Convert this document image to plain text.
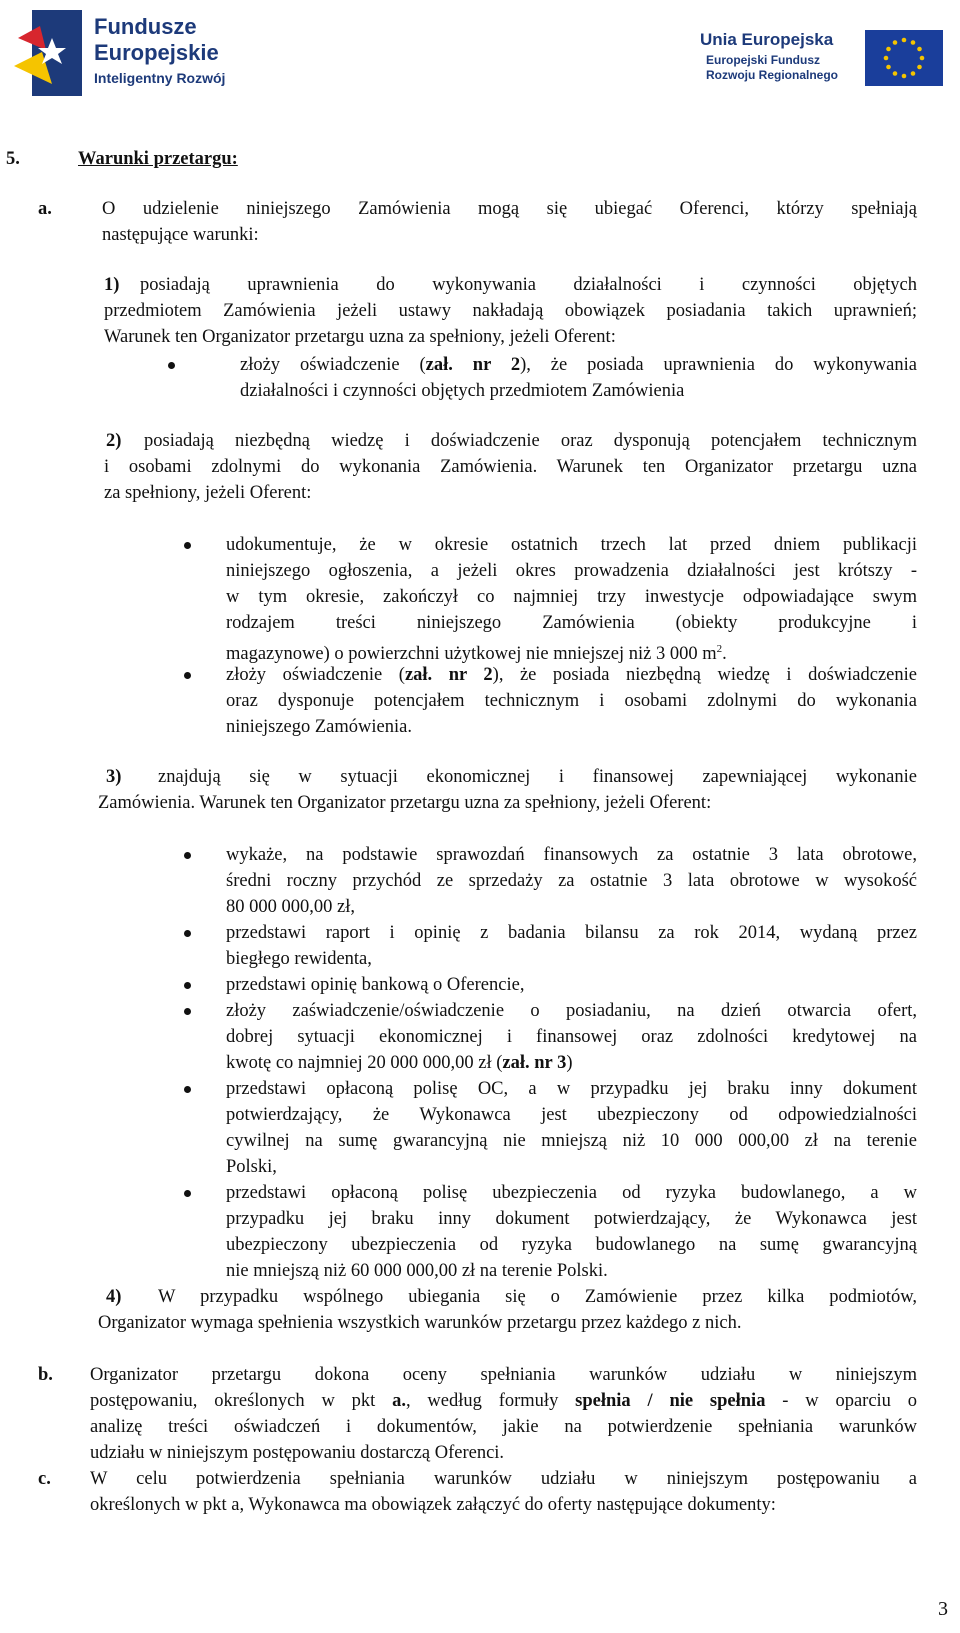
Fundusze
Europejskie
Inteligentny Rozwój
Unia Europejska
Europejski Fundusz
Rozwoju Regionalnego
5.	Warunki przetargu:
a.	O udzielenie niniejszego Zamówienia mogą się ubiegać Oferenci, którzy spełniają
następujące warunki:
1) posiadają uprawnienia do wykonywania działalności i czynności objętych
przedmiotem Zamówienia jeżeli ustawy nakładają obowiązek posiadania takich uprawnień;
Warunek ten Organizator przetargu uzna za spełniony, jeżeli Oferent:
złoży oświadczenie (zał. nr 2), że posiada uprawnienia do wykonywania
działalności i czynności objętych przedmiotem Zamówienia
2) posiadają niezbędną wiedzę i doświadczenie oraz dysponują potencjałem technicznym
i osobami zdolnymi do wykonania Zamówienia. Warunek ten Organizator przetargu uzna
za spełniony, jeżeli Oferent:
udokumentuje, że w okresie ostatnich trzech lat przed dniem publikacji
niniejszego ogłoszenia, a jeżeli okres prowadzenia działalności jest krótszy -
w tym okresie, zakończył co najmniej trzy inwestycje odpowiadające swym
rodzajem treści niniejszego Zamówienia (obiekty produkcyjne i
magazynowe) o powierzchni użytkowej nie mniejszej niż 3 000 $m^2$.
złoży oświadczenie (zał. nr 2), że posiada niezbędną wiedzę i doświadczenie
oraz dysponuje potencjałem technicznym i osobami zdolnymi do wykonania
niniejszego Zamówienia.
3) znajdują się w sytuacji ekonomicznej i finansowej zapewniającej wykonanie
Zamówienia. Warunek ten Organizator przetargu uzna za spełniony, jeżeli Oferent:
wykaże, na podstawie sprawozdań finansowych za ostatnie 3 lata obrotowe,
średni roczny przychód ze sprzedaży za ostatnie 3 lata obrotowe w wysokość
80 000 000,00 zł,
przedstawi raport i opinię z badania bilansu za rok 2014, wydaną przez
biegłego rewidenta,
przedstawi opinię bankową o Oferencie,
złoży zaświadczenie/oświadczenie o posiadaniu, na dzień otwarcia ofert,
dobrej sytuacji ekonomicznej i finansowej oraz zdolności kredytowej na
kwotę co najmniej 20 000 000,00 zł (zał. nr 3)
przedstawi opłaconą polisę OC, a w przypadku jej braku inny dokument
potwierdzający, że Wykonawca jest ubezpieczony od odpowiedzialności
cywilnej na sumę gwarancyjną nie mniejszą niż 10 000 000,00 zł na terenie
Polski,
przedstawi opłaconą polisę ubezpieczenia od ryzyka budowlanego, a w
przypadku jej braku inny dokument potwierdzający, że Wykonawca jest
ubezpieczony ubezpieczenia od ryzyka budowlanego na sumę gwarancyjną
nie mniejszą niż 60 000 000,00 zł na terenie Polski.
4) W przypadku wspólnego ubiegania się o Zamówienie przez kilka podmiotów,
Organizator wymaga spełnienia wszystkich warunków przetargu przez każdego z nich.
b. Organizator przetargu dokona oceny spełniania warunków udziału w niniejszym
postępowaniu, określonych w pkt a., według formuły spełnia / nie spełnia - w oparciu o
analizę treści oświadczeń i dokumentów, jakie na potwierdzenie spełniania warunków
udziału w niniejszym postępowaniu dostarczą Oferenci.
c. W celu potwierdzenia spełniania warunków udziału w niniejszym postępowaniu a
określonych w pkt a, Wykonawca ma obowiązek załączyć do oferty następujące dokumenty:
3
